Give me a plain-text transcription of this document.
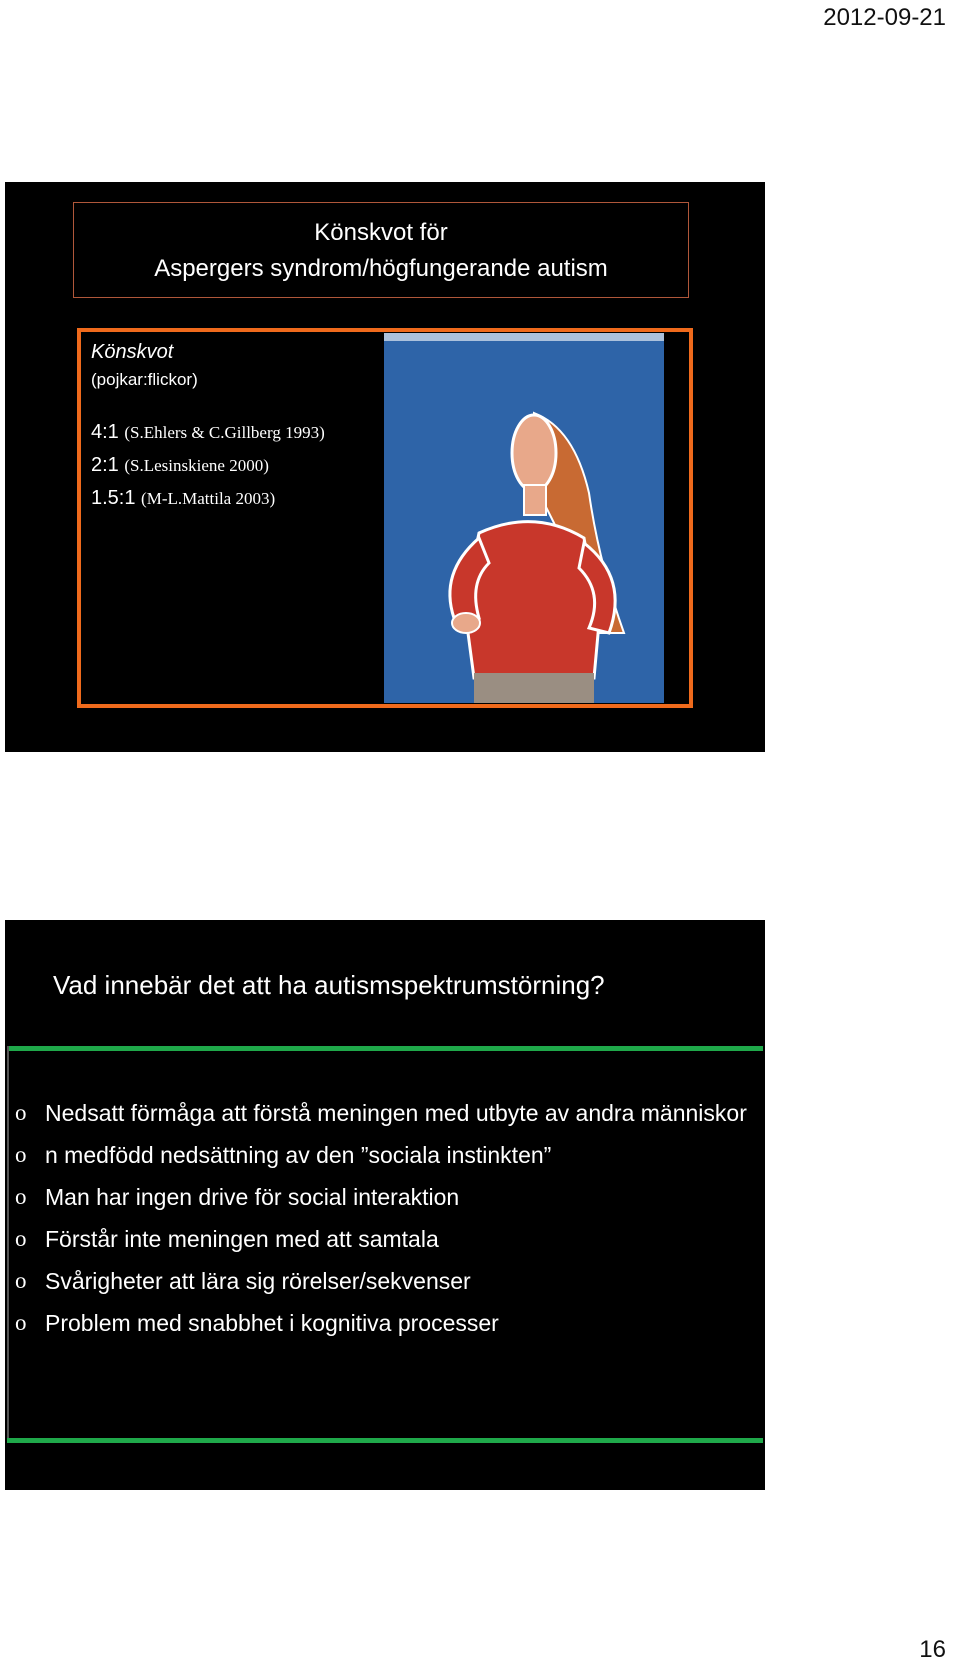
2012-09-21
Könskvot för
Aspergers syndrom/högfungerande autism
Könskvot
(pojkar:flickor)
4:1 (S.Ehlers & C.Gillberg 1993)
2:1 (S.Lesinskiene 2000)
1.5:1 (M-L.Mattila 2003)
Vad innebär det att ha autismspektrumstörning?
o Nedsatt förmåga att förstå meningen med utbyte av andra människor
o n medfödd nedsättning av den ”sociala instinkten”
o Man har ingen drive för social interaktion
o Förstår inte meningen med att samtala
o Svårigheter att lära sig rörelser/sekvenser
o Problem med snabbhet i kognitiva processer
16
